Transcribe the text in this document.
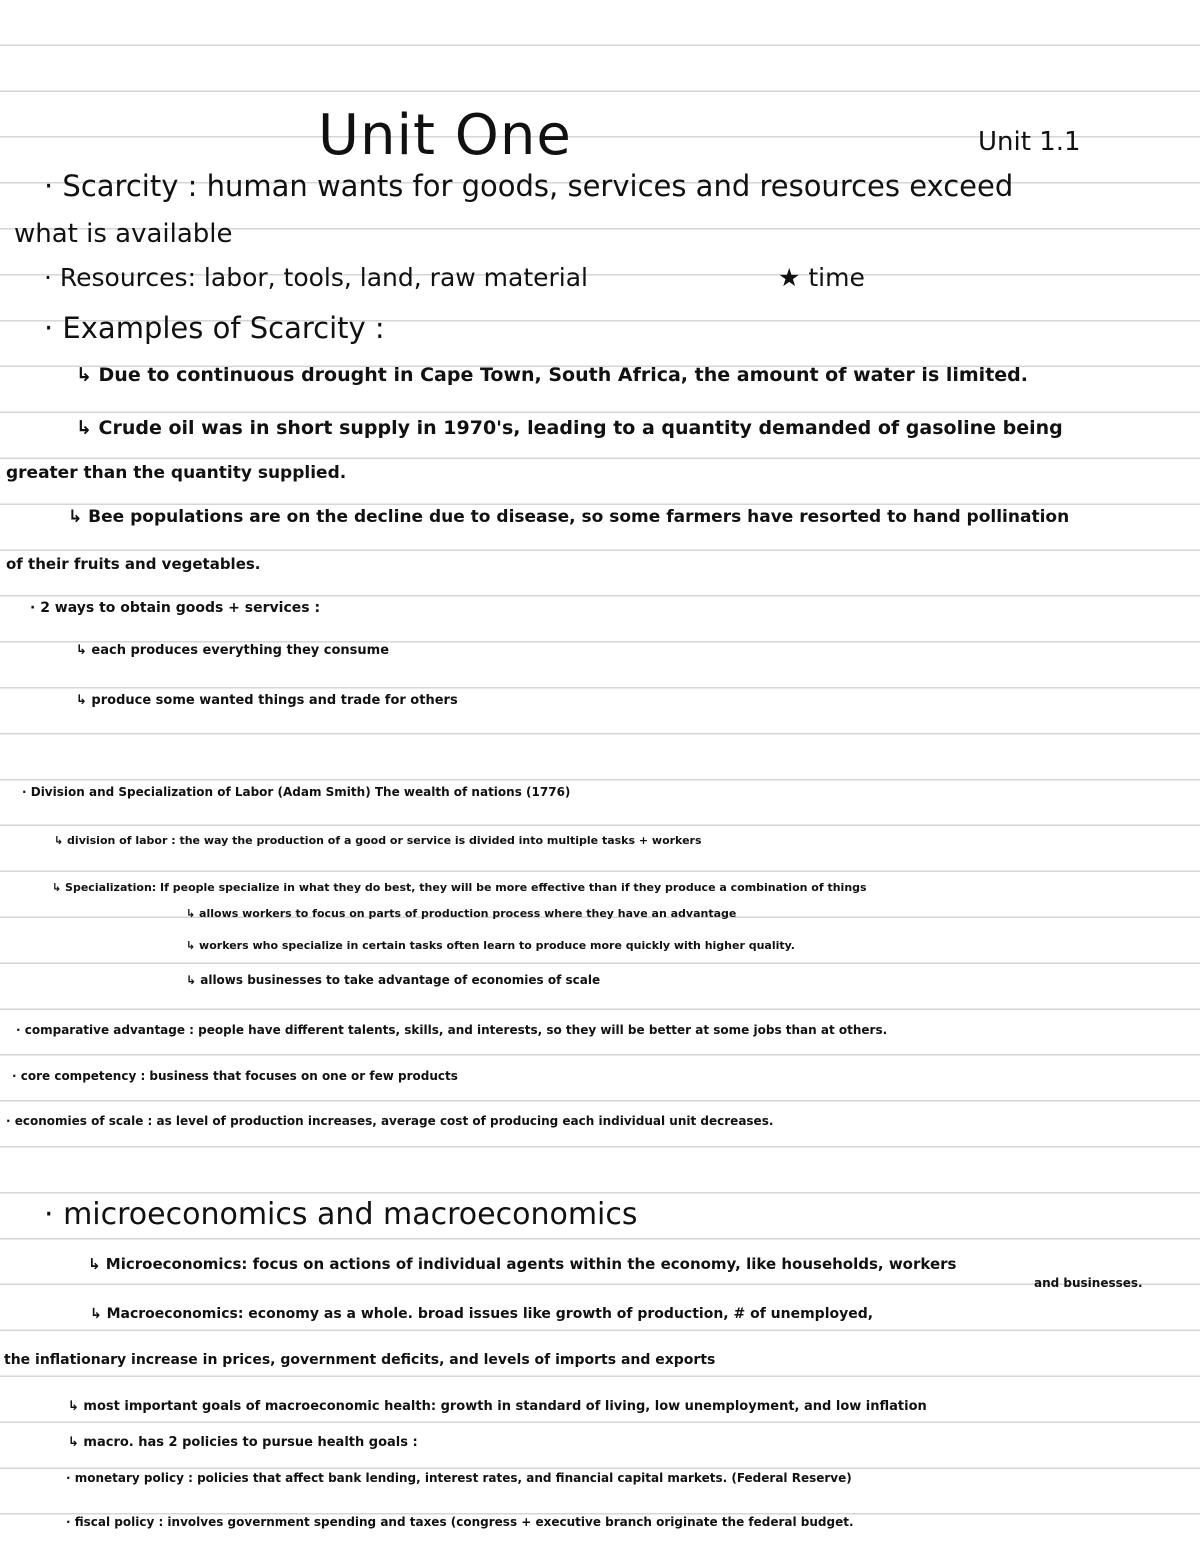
Unit One	Unit 1.1
· Scarcity : human wants for goods, services and resources exceed
what is available
· Resources: labor, tools, land, raw material	★ time
· Examples of Scarcity :
↳ Due to continuous drought in Cape Town, South Africa, the amount of water is limited.
↳ Crude oil was in short supply in 1970's, leading to a quantity demanded of gasoline being
greater than the quantity supplied.
↳ Bee populations are on the decline due to disease, so some farmers have resorted to hand pollination
of their fruits and vegetables.
· 2 ways to obtain goods + services :
↳ each produces everything they consume
↳ produce some wanted things and trade for others
· Division and Specialization of Labor (Adam Smith) The wealth of nations (1776)
↳ division of labor : the way the production of a good or service is divided into multiple tasks + workers
↳ Specialization: If people specialize in what they do best, they will be more effective than if they produce a combination of things
↳ allows workers to focus on parts of production process where they have an advantage
↳ workers who specialize in certain tasks often learn to produce more quickly with higher quality.
↳ allows businesses to take advantage of economies of scale
· comparative advantage : people have different talents, skills, and interests, so they will be better at some jobs than at others.
· core competency : business that focuses on one or few products
· economies of scale : as level of production increases, average cost of producing each individual unit decreases.
· microeconomics and macroeconomics
↳ Microeconomics: focus on actions of individual agents within the economy, like households, workers
and businesses.
↳ Macroeconomics: economy as a whole. broad issues like growth of production, # of unemployed,
the inflationary increase in prices, government deficits, and levels of imports and exports
↳ most important goals of macroeconomic health: growth in standard of living, low unemployment, and low inflation
↳ macro. has 2 policies to pursue health goals :
· monetary policy : policies that affect bank lending, interest rates, and financial capital markets. (Federal Reserve)
· fiscal policy : involves government spending and taxes (congress + executive branch originate the federal budget.
